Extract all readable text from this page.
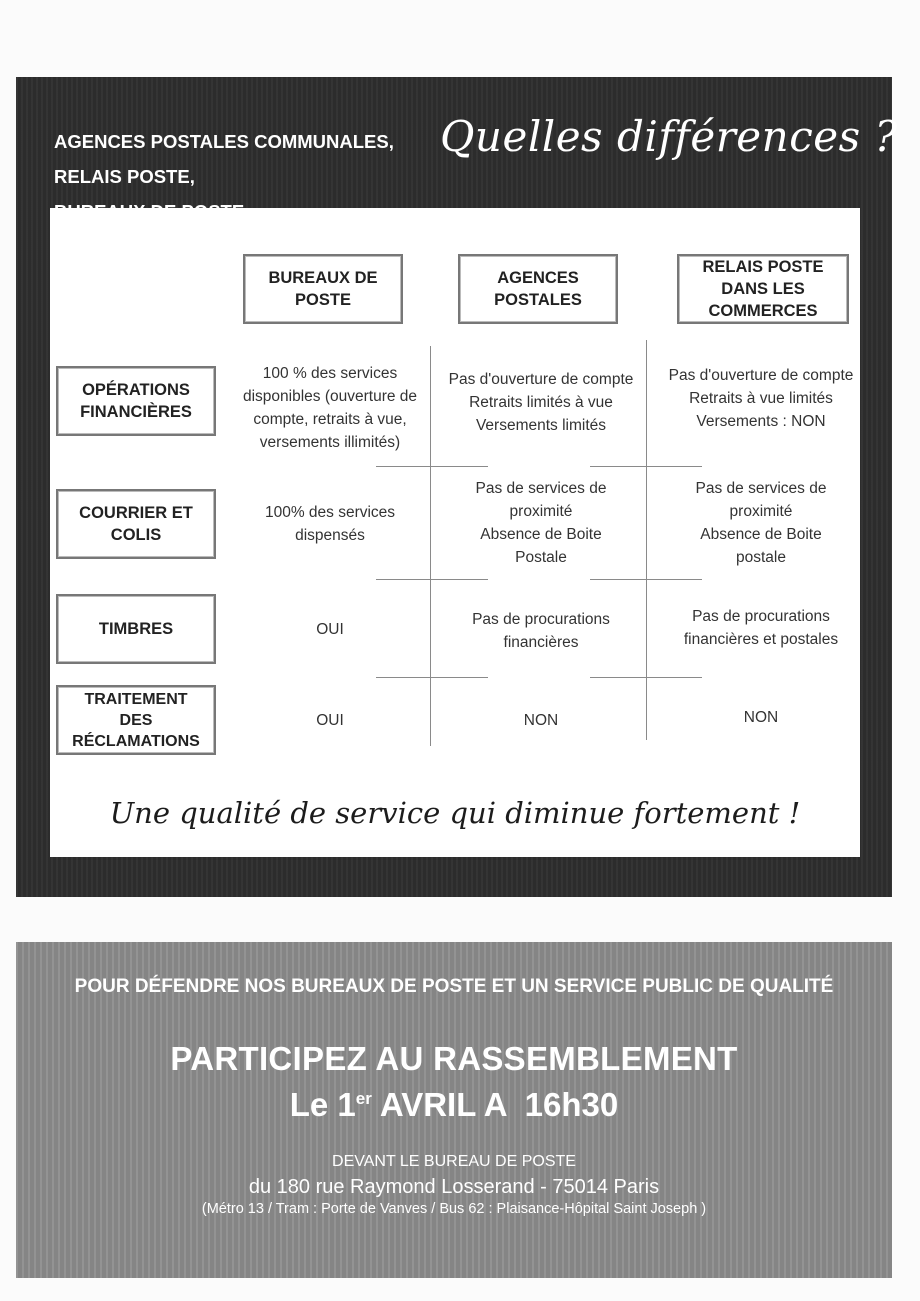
AGENCES POSTALES COMMUNALES,
RELAIS POSTE,
Quelles différences ?
BUREAUX DE POSTE
AGENCES POSTALES
RELAIS POSTE DANS LES COMMERCES
OPÉRATIONS FINANCIÈRES
COURRIER ET COLIS
TIMBRES
TRAITEMENT DES RÉCLAMATIONS
100 % des services disponibles (ouverture de compte, retraits à vue, versements illimités)
Pas d'ouverture de compte
Retraits limités à vue
Versements limités
Pas d'ouverture de compte
Retraits à vue limités
Versements : NON
100% des services dispensés
Pas de services de proximité
Absence de Boite Postale
Pas de services de proximité
Absence de Boite postale
OUI
Pas de procurations financières
Pas de procurations financières et postales
OUI	NON	NON
Une qualité de service qui diminue fortement !

POUR DÉFENDRE NOS BUREAUX DE POSTE ET UN SERVICE PUBLIC DE QUALITÉ

PARTICIPEZ AU RASSEMBLEMENT

Le 1er AVRIL A  16h30

DEVANT LE BUREAU DE POSTE

du 180 rue Raymond Losserand - 75014 Paris

(Métro 13 / Tram : Porte de Vanves / Bus 62 : Plaisance-Hôpital Saint Joseph )
